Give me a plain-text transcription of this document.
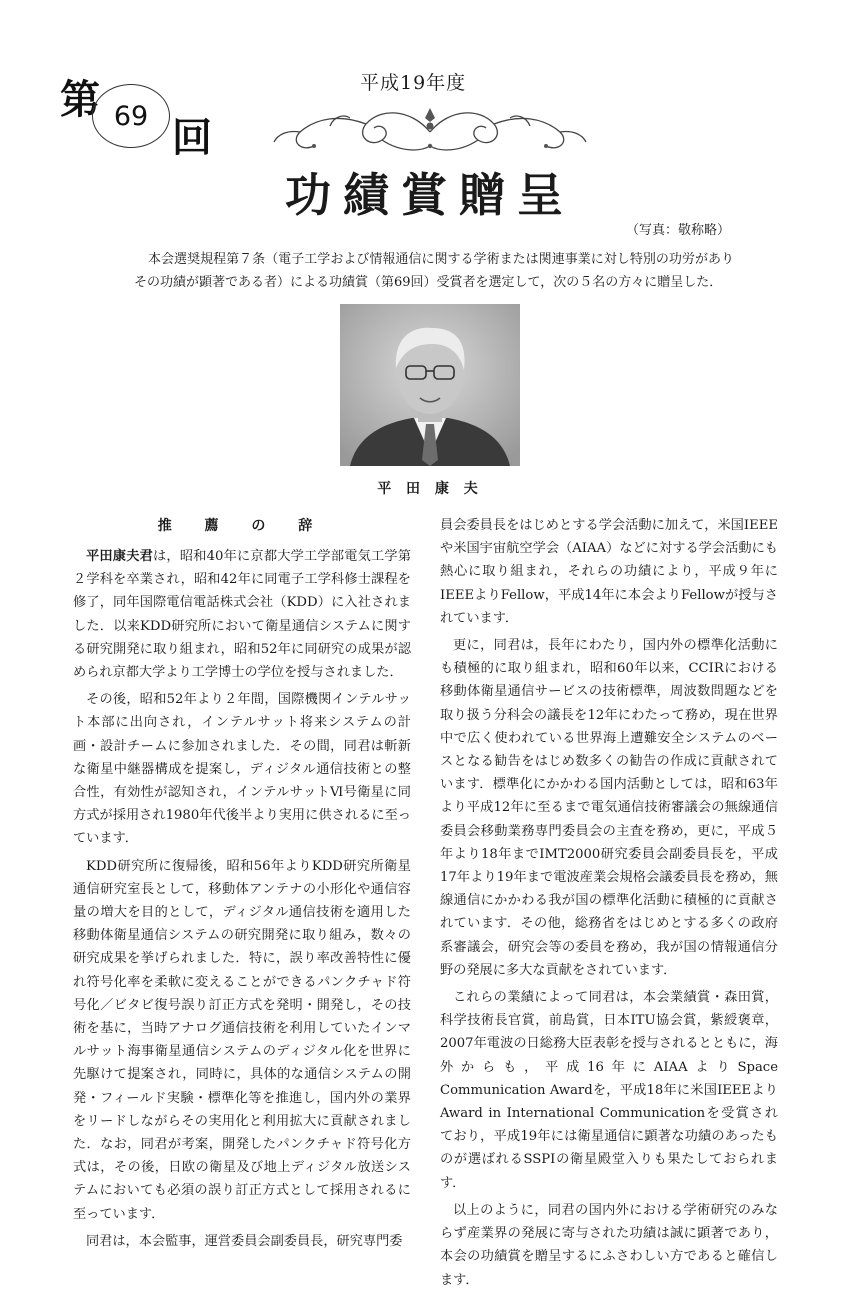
第 69 回
平成19年度
功績賞贈呈
（写真：敬称略）
本会選奨規程第７条（電子工学および情報通信に関する学術または関連事業に対し特別の功労がありその功績が顕著である者）による功績賞（第69回）受賞者を選定して，次の５名の方々に贈呈した．
平 田 康 夫
推 薦 の 辞

平田康夫君は，昭和40年に京都大学工学部電気工学第２学科を卒業され，昭和42年に同電子工学科修士課程を修了，同年国際電信電話株式会社（KDD）に入社されました．以来KDD研究所において衛星通信システムに関する研究開発に取り組まれ，昭和52年に同研究の成果が認められ京都大学より工学博士の学位を授与されました．

その後，昭和52年より２年間，国際機関インテルサット本部に出向され，インテルサット将来システムの計画・設計チームに参加されました．その間，同君は斬新な衛星中継器構成を提案し，ディジタル通信技術との整合性，有効性が認知され，インテルサットⅥ号衛星に同方式が採用され1980年代後半より実用に供されるに至っています．

KDD研究所に復帰後，昭和56年よりKDD研究所衛星通信研究室長として，移動体アンテナの小形化や通信容量の増大を目的として，ディジタル通信技術を適用した移動体衛星通信システムの研究開発に取り組み，数々の研究成果を挙げられました．特に，誤り率改善特性に優れ符号化率を柔軟に変えることができるパンクチャド符号化／ビタビ復号誤り訂正方式を発明・開発し，その技術を基に，当時アナログ通信技術を利用していたインマルサット海事衛星通信システムのディジタル化を世界に先駆けて提案され，同時に，具体的な通信システムの開発・フィールド実験・標準化等を推進し，国内外の業界をリードしながらその実用化と利用拡大に貢献されました．なお，同君が考案，開発したパンクチャド符号化方式は，その後，日欧の衛星及び地上ディジタル放送システムにおいても必須の誤り訂正方式として採用されるに至っています．

同君は，本会監事，運営委員会副委員長，研究専門委

員会委員長をはじめとする学会活動に加えて，米国IEEEや米国宇宙航空学会（AIAA）などに対する学会活動にも熱心に取り組まれ，それらの功績により，平成９年にIEEEよりFellow，平成14年に本会よりFellowが授与されています．

更に，同君は，長年にわたり，国内外の標準化活動にも積極的に取り組まれ，昭和60年以来，CCIRにおける移動体衛星通信サービスの技術標準，周波数問題などを取り扱う分科会の議長を12年にわたって務め，現在世界中で広く使われている世界海上遭難安全システムのベースとなる勧告をはじめ数多くの勧告の作成に貢献されています．標準化にかかわる国内活動としては，昭和63年より平成12年に至るまで電気通信技術審議会の無線通信委員会移動業務専門委員会の主査を務め，更に，平成５年より18年までIMT2000研究委員会副委員長を，平成17年より19年まで電波産業会規格会議委員長を務め，無線通信にかかわる我が国の標準化活動に積極的に貢献されています．その他，総務省をはじめとする多くの政府系審議会，研究会等の委員を務め，我が国の情報通信分野の発展に多大な貢献をされています．

これらの業績によって同君は，本会業績賞・森田賞，科学技術長官賞，前島賞，日本ITU協会賞，紫綬褒章，2007年電波の日総務大臣表彰を授与されるとともに，海外からも，平成16年にAIAAよりSpace Communication Awardを，平成18年に米国IEEEよりAward in International Communicationを受賞されており，平成19年には衛星通信に顕著な功績のあったものが選ばれるSSPIの衛星殿堂入りも果たしておられます．

以上のように，同君の国内外における学術研究のみならず産業界の発展に寄与された功績は誠に顕著であり，本会の功績賞を贈呈するにふさわしい方であると確信します．
